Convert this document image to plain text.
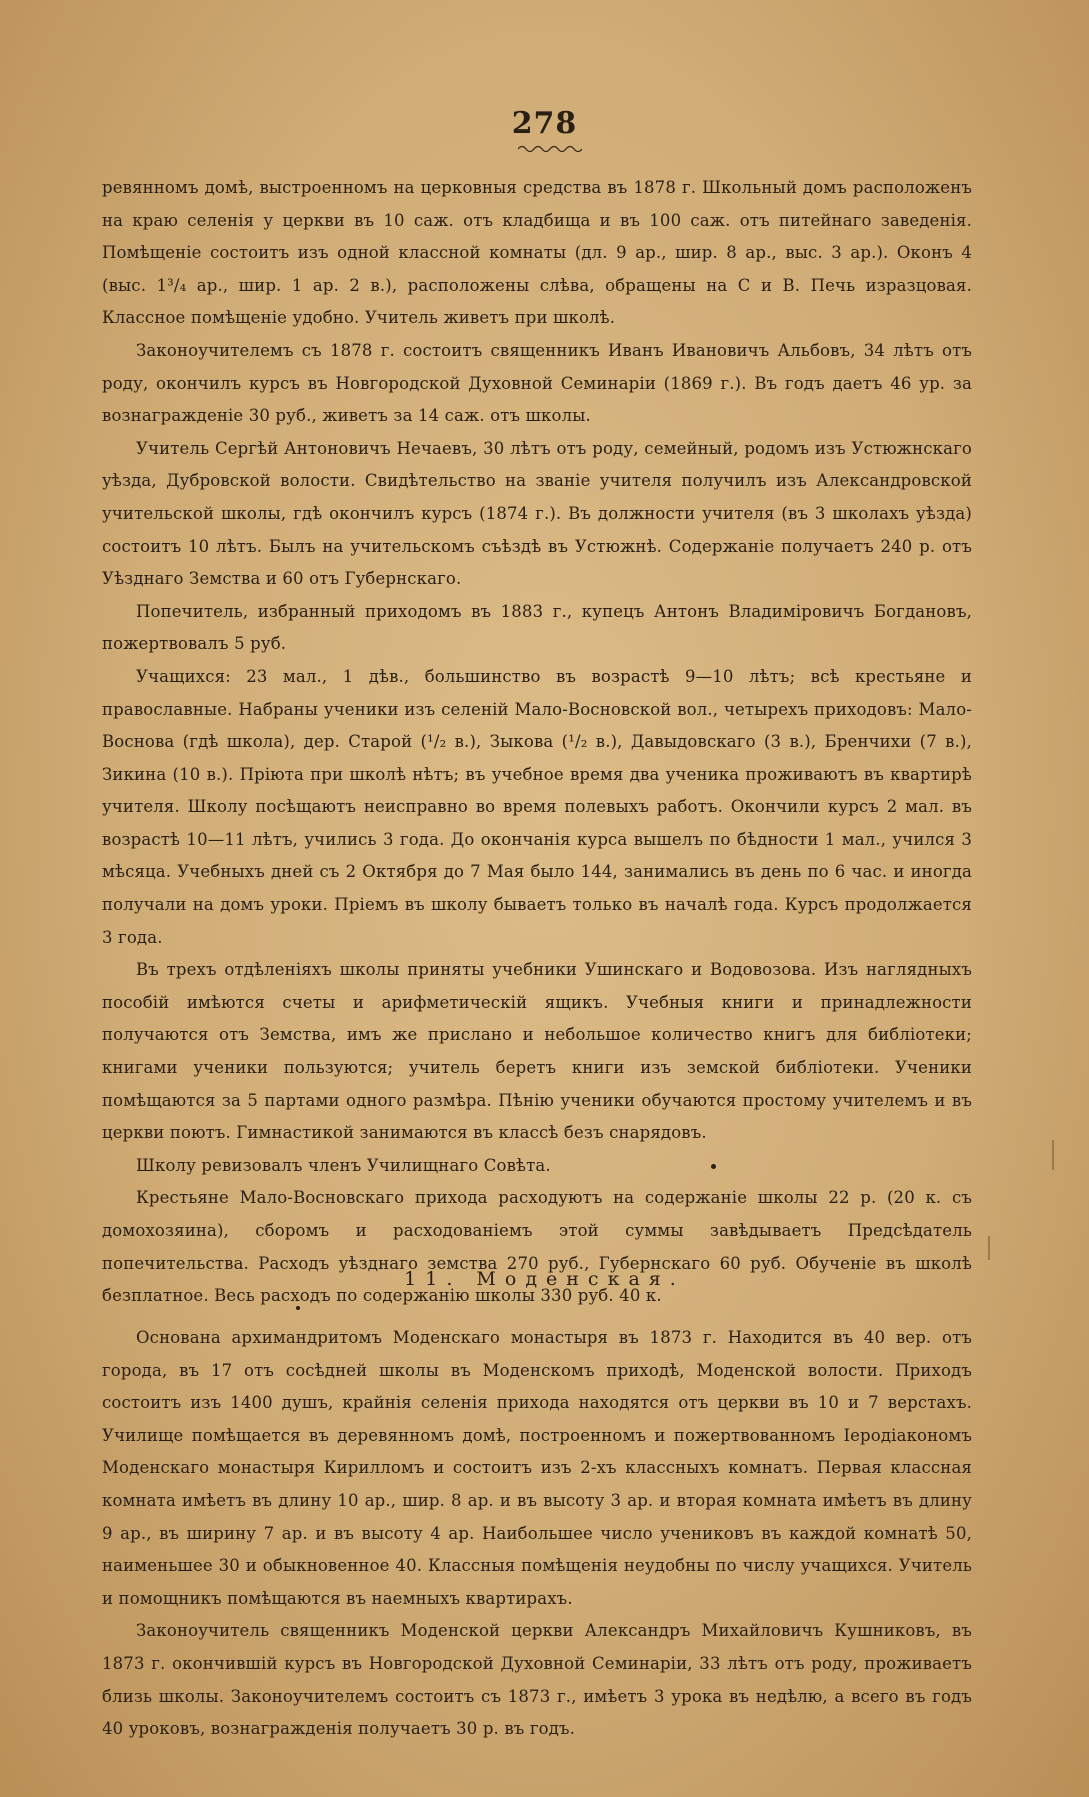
278

ревянномъ домѣ, выстроенномъ на церковныя средства въ 1878 г. Школьный домъ расположенъ на краю селенія у церкви въ 10 саж. отъ кладбища и въ 100 саж. отъ питейнаго заведенія. Помѣщеніе состоитъ изъ одной классной комнаты (дл. 9 ар., шир. 8 ар., выс. 3 ар.). Оконъ 4 (выс. 1³/₄ ар., шир. 1 ар. 2 в.), расположены слѣва, обращены на С и В. Печь изразцовая. Классное помѣщеніе удобно. Учитель живетъ при школѣ.

Законоучителемъ съ 1878 г. состоитъ священникъ Иванъ Ивановичъ Альбовъ, 34 лѣтъ отъ роду, окончилъ курсъ въ Новгородской Духовной Семинаріи (1869 г.). Въ годъ даетъ 46 ур. за вознагражденіе 30 руб., живетъ за 14 саж. отъ школы.

Учитель Сергѣй Антоновичъ Нечаевъ, 30 лѣтъ отъ роду, семейный, родомъ изъ Устюжнскаго уѣзда, Дубровской волости. Свидѣтельство на званіе учителя получилъ изъ Александровской учительской школы, гдѣ окончилъ курсъ (1874 г.). Въ должности учителя (въ 3 школахъ уѣзда) состоитъ 10 лѣтъ. Былъ на учительскомъ съѣздѣ въ Устюжнѣ. Содержаніе получаетъ 240 р. отъ Уѣзднаго Земства и 60 отъ Губернскаго.

Попечитель, избранный приходомъ въ 1883 г., купецъ Антонъ Владиміровичъ Богдановъ, пожертвовалъ 5 руб.

Учащихся: 23 мал., 1 дѣв., большинство въ возрастѣ 9—10 лѣтъ; всѣ крестьяне и православные. Набраны ученики изъ селеній Мало-Восновской вол., четырехъ приходовъ: Мало-Воснова (гдѣ школа), дер. Старой (¹/₂ в.), Зыкова (¹/₂ в.), Давыдовскаго (3 в.), Бренчихи (7 в.), Зикина (10 в.). Пріюта при школѣ нѣтъ; въ учебное время два ученика проживаютъ въ квартирѣ учителя. Школу посѣщаютъ неисправно во время полевыхъ работъ. Окончили курсъ 2 мал. въ возрастѣ 10—11 лѣтъ, учились 3 года. До окончанія курса вышелъ по бѣдности 1 мал., учился 3 мѣсяца. Учебныхъ дней съ 2 Октября до 7 Мая было 144, занимались въ день по 6 час. и иногда получали на домъ уроки. Пріемъ въ школу бываетъ только въ началѣ года. Курсъ продолжается 3 года.

Въ трехъ отдѣленіяхъ школы приняты учебники Ушинскаго и Водовозова. Изъ наглядныхъ пособій имѣются счеты и арифметическій ящикъ. Учебныя книги и принадлежности получаются отъ Земства, имъ же прислано и небольшое количество книгъ для библіотеки; книгами ученики пользуются; учитель беретъ книги изъ земской библіотеки. Ученики помѣщаются за 5 партами одного размѣра. Пѣнію ученики обучаются простому учителемъ и въ церкви поютъ. Гимнастикой занимаются въ классѣ безъ снарядовъ.

Школу ревизовалъ членъ Училищнаго Совѣта.

Крестьяне Мало-Восновскаго прихода расходуютъ на содержаніе школы 22 р. (20 к. съ домохозяина), сборомъ и расходованіемъ этой суммы завѣдываетъ Предсѣдатель попечительства. Расходъ уѣзднаго земства 270 руб., Губернскаго 60 руб. Обученіе въ школѣ безплатное. Весь расходъ по содержанію школы 330 руб. 40 к.

11. Моденская.

Основана архимандритомъ Моденскаго монастыря въ 1873 г. Находится въ 40 вер. отъ города, въ 17 отъ сосѣдней школы въ Моденскомъ приходѣ, Моденской волости. Приходъ состоитъ изъ 1400 душъ, крайнія селенія прихода находятся отъ церкви въ 10 и 7 верстахъ. Училище помѣщается въ деревянномъ домѣ, построенномъ и пожертвованномъ Іеродіакономъ Моденскаго монастыря Кирилломъ и состоитъ изъ 2-хъ классныхъ комнатъ. Первая классная комната имѣетъ въ длину 10 ар., шир. 8 ар. и въ высоту 3 ар. и вторая комната имѣетъ въ длину 9 ар., въ ширину 7 ар. и въ высоту 4 ар. Наибольшее число учениковъ въ каждой комнатѣ 50, наименьшее 30 и обыкновенное 40. Классныя помѣщенія неудобны по числу учащихся. Учитель и помощникъ помѣщаются въ наемныхъ квартирахъ.

Законоучитель священникъ Моденской церкви Александръ Михайловичъ Кушниковъ, въ 1873 г. окончившій курсъ въ Новгородской Духовной Семинаріи, 33 лѣтъ отъ роду, проживаетъ близь школы. Законоучителемъ состоитъ съ 1873 г., имѣетъ 3 урока въ недѣлю, а всего въ годъ 40 уроковъ, вознагражденія получаетъ 30 р. въ годъ.
